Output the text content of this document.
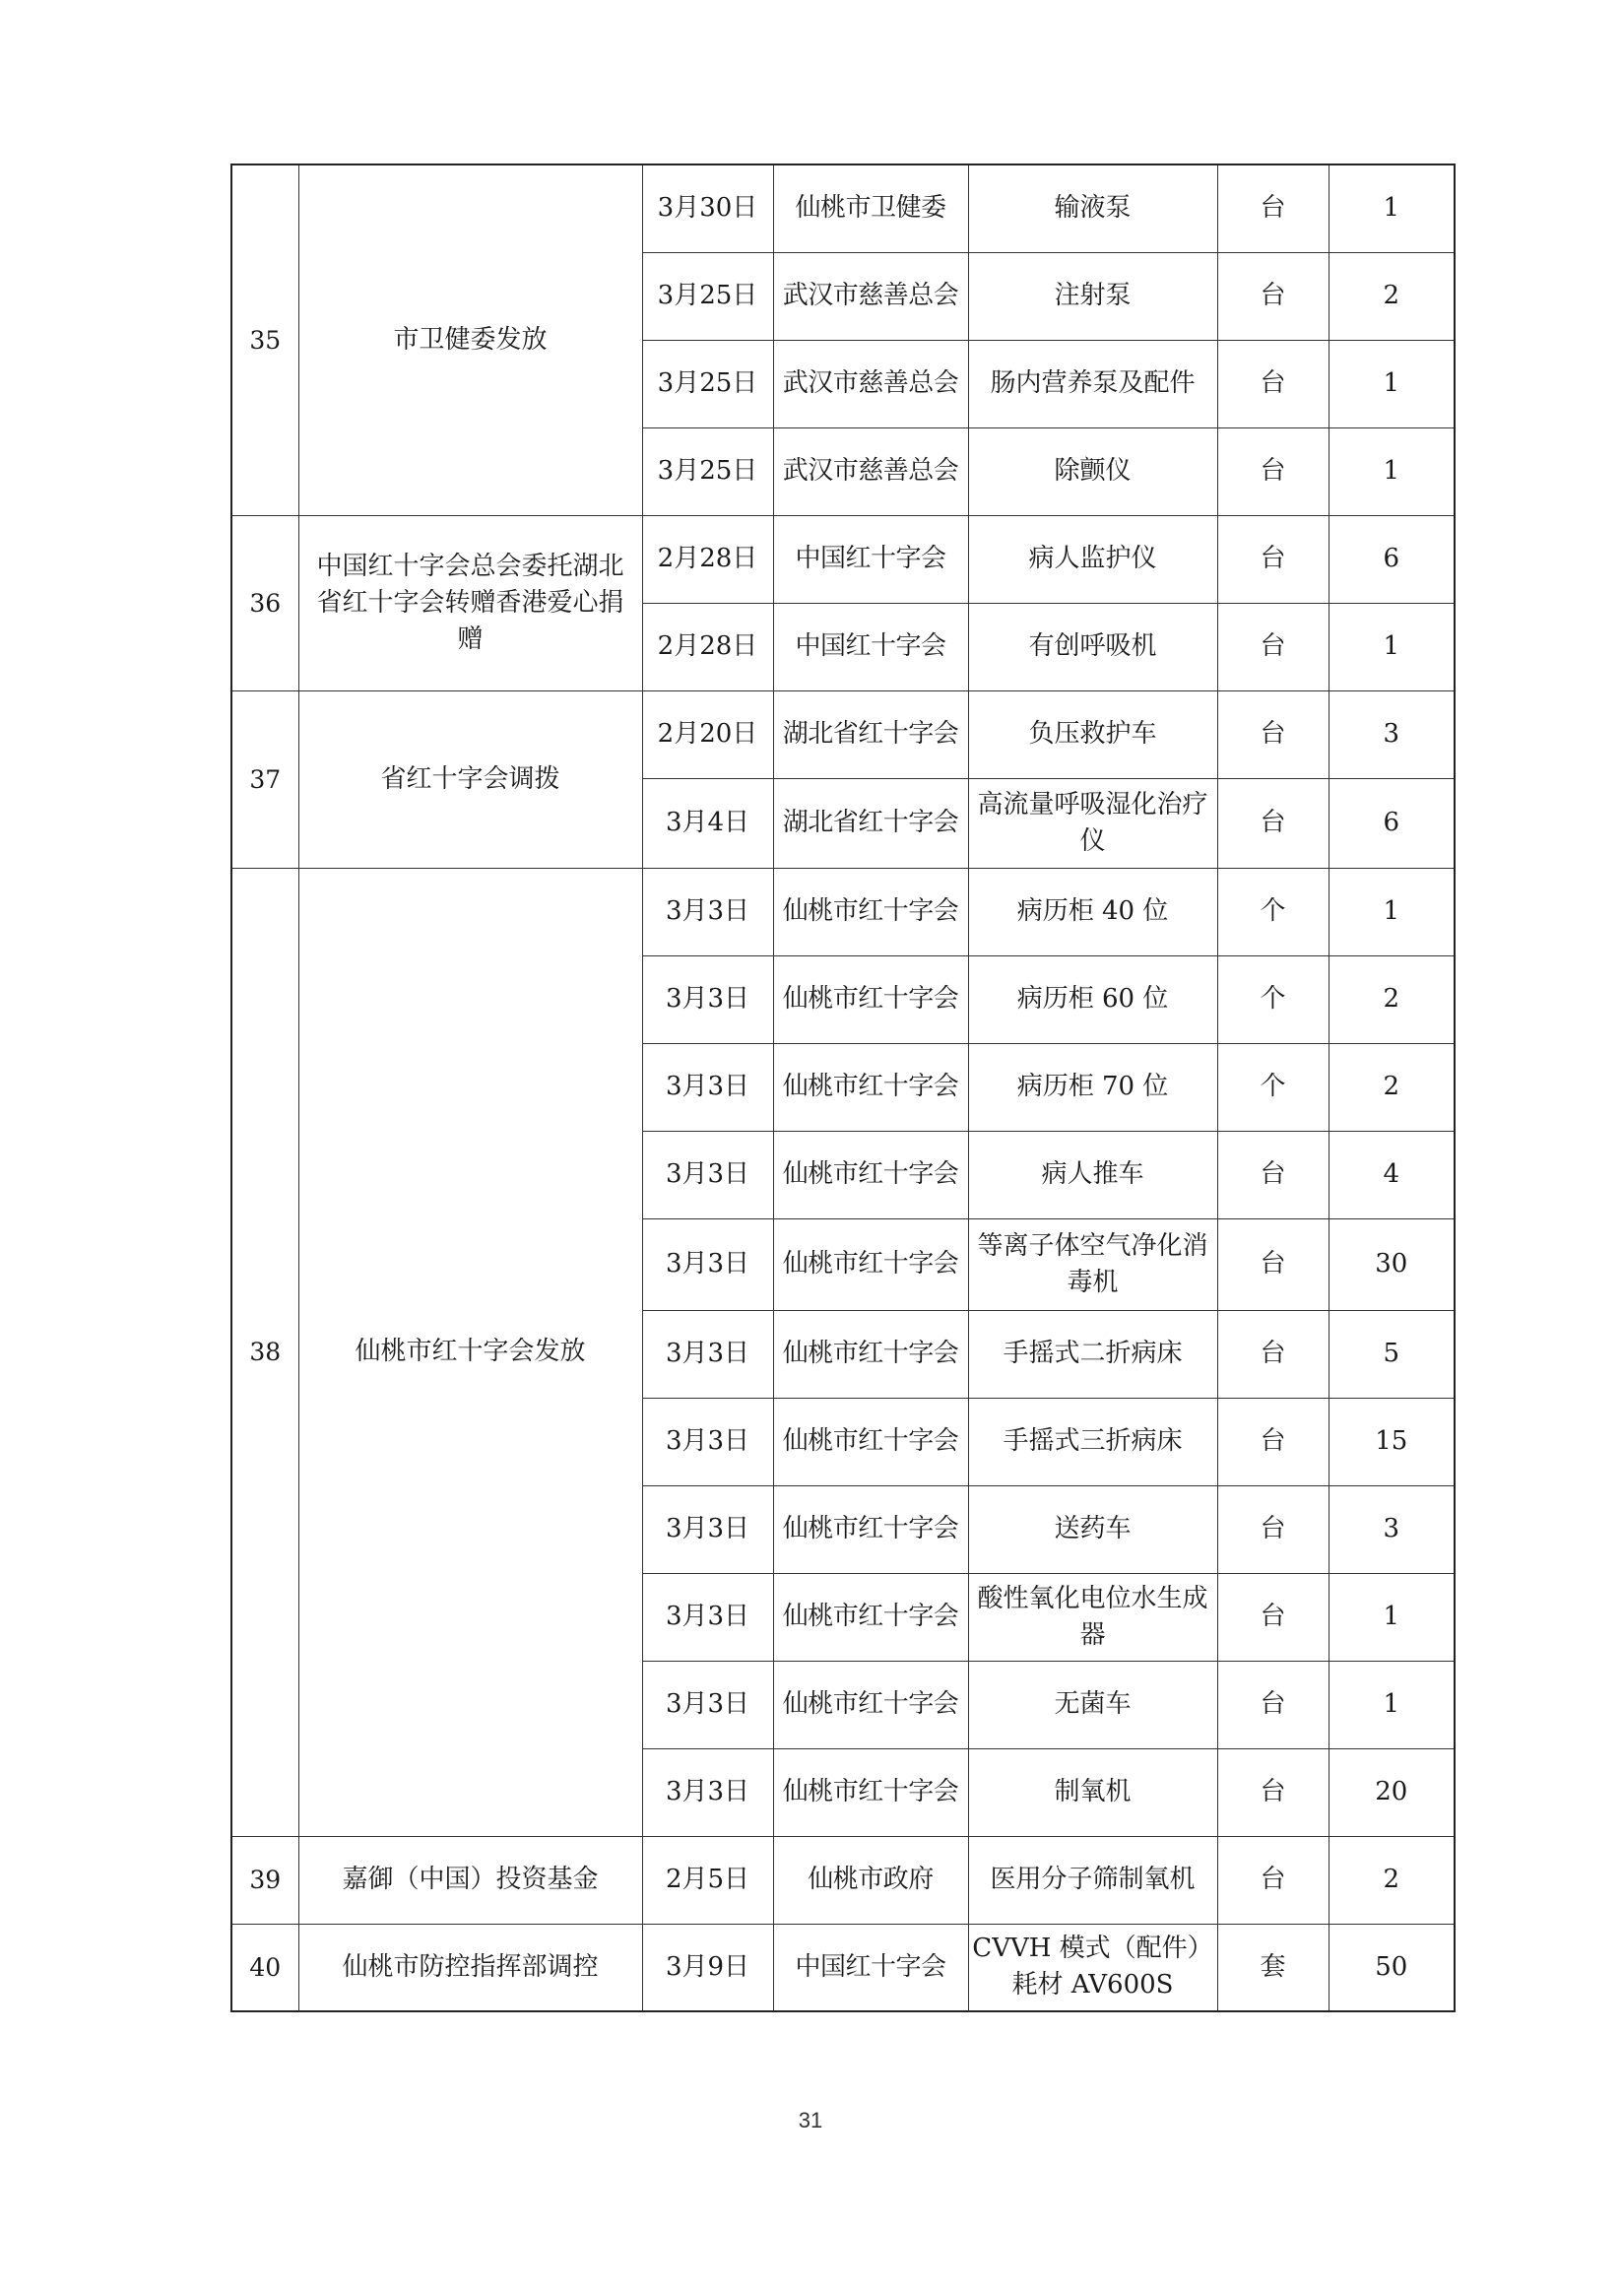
35	市卫健委发放	3月30日	仙桃市卫健委	输液泵	台	1
		3月25日	武汉市慈善总会	注射泵	台	2
		3月25日	武汉市慈善总会	肠内营养泵及配件	台	1
		3月25日	武汉市慈善总会	除颤仪	台	1
36	中国红十字会总会委托湖北省红十字会转赠香港爱心捐赠	2月28日	中国红十字会	病人监护仪	台	6
		2月28日	中国红十字会	有创呼吸机	台	1
37	省红十字会调拨	2月20日	湖北省红十字会	负压救护车	台	3
		3月4日	湖北省红十字会	高流量呼吸湿化治疗仪	台	6
38	仙桃市红十字会发放	3月3日	仙桃市红十字会	病历柜 40 位	个	1
		3月3日	仙桃市红十字会	病历柜 60 位	个	2
		3月3日	仙桃市红十字会	病历柜 70 位	个	2
		3月3日	仙桃市红十字会	病人推车	台	4
		3月3日	仙桃市红十字会	等离子体空气净化消毒机	台	30
		3月3日	仙桃市红十字会	手摇式二折病床	台	5
		3月3日	仙桃市红十字会	手摇式三折病床	台	15
		3月3日	仙桃市红十字会	送药车	台	3
		3月3日	仙桃市红十字会	酸性氧化电位水生成器	台	1
		3月3日	仙桃市红十字会	无菌车	台	1
		3月3日	仙桃市红十字会	制氧机	台	20
39	嘉御（中国）投资基金	2月5日	仙桃市政府	医用分子筛制氧机	台	2
40	仙桃市防控指挥部调控	3月9日	中国红十字会	CVVH 模式（配件）耗材 AV600S	套	50
31
